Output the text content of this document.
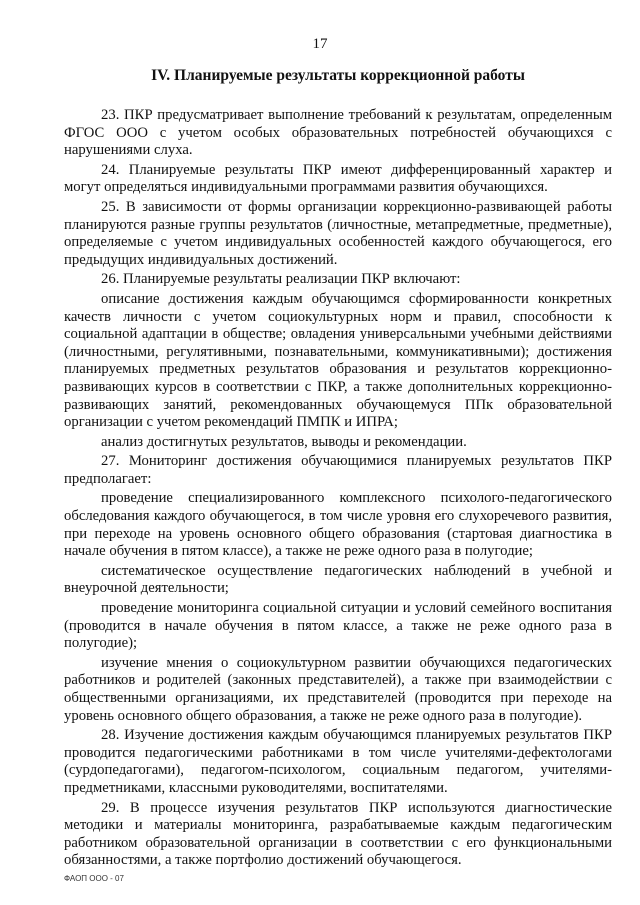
17
IV. Планируемые результаты коррекционной работы

23. ПКР предусматривает выполнение требований к результатам, определенным ФГОС ООО с учетом особых образовательных потребностей обучающихся с нарушениями слуха.

24. Планируемые результаты ПКР имеют дифференцированный характер и могут определяться индивидуальными программами развития обучающихся.

25. В зависимости от формы организации коррекционно-развивающей работы планируются разные группы результатов (личностные, метапредметные, предметные), определяемые с учетом индивидуальных особенностей каждого обучающегося, его предыдущих индивидуальных достижений.

26. Планируемые результаты реализации ПКР включают:

описание достижения каждым обучающимся сформированности конкретных качеств личности с учетом социокультурных норм и правил, способности к социальной адаптации в обществе; овладения универсальными учебными действиями (личностными, регулятивными, познавательными, коммуникативными); достижения планируемых предметных результатов образования и результатов коррекционно-развивающих курсов в соответствии с ПКР, а также дополнительных коррекционно-развивающих занятий, рекомендованных обучающемуся ППк образовательной организации с учетом рекомендаций ПМПК и ИПРА;

анализ достигнутых результатов, выводы и рекомендации.

27. Мониторинг достижения обучающимися планируемых результатов ПКР предполагает:

проведение специализированного комплексного психолого-педагогического обследования каждого обучающегося, в том числе уровня его слухоречевого развития, при переходе на уровень основного общего образования (стартовая диагностика в начале обучения в пятом классе), а также не реже одного раза в полугодие;

систематическое осуществление педагогических наблюдений в учебной и внеурочной деятельности;

проведение мониторинга социальной ситуации и условий семейного воспитания (проводится в начале обучения в пятом классе, а также не реже одного раза в полугодие);

изучение мнения о социокультурном развитии обучающихся педагогических работников и родителей (законных представителей), а также при взаимодействии с общественными организациями, их представителей (проводится при переходе на уровень основного общего образования, а также не реже одного раза в полугодие).

28. Изучение достижения каждым обучающимся планируемых результатов ПКР проводится педагогическими работниками в том числе учителями-дефектологами (сурдопедагогами), педагогом-психологом, социальным педагогом, учителями-предметниками, классными руководителями, воспитателями.

29. В процессе изучения результатов ПКР используются диагностические методики и материалы мониторинга, разрабатываемые каждым педагогическим работником образовательной организации в соответствии с его функциональными обязанностями, а также портфолио достижений обучающегося.

ФАОП ООО - 07
